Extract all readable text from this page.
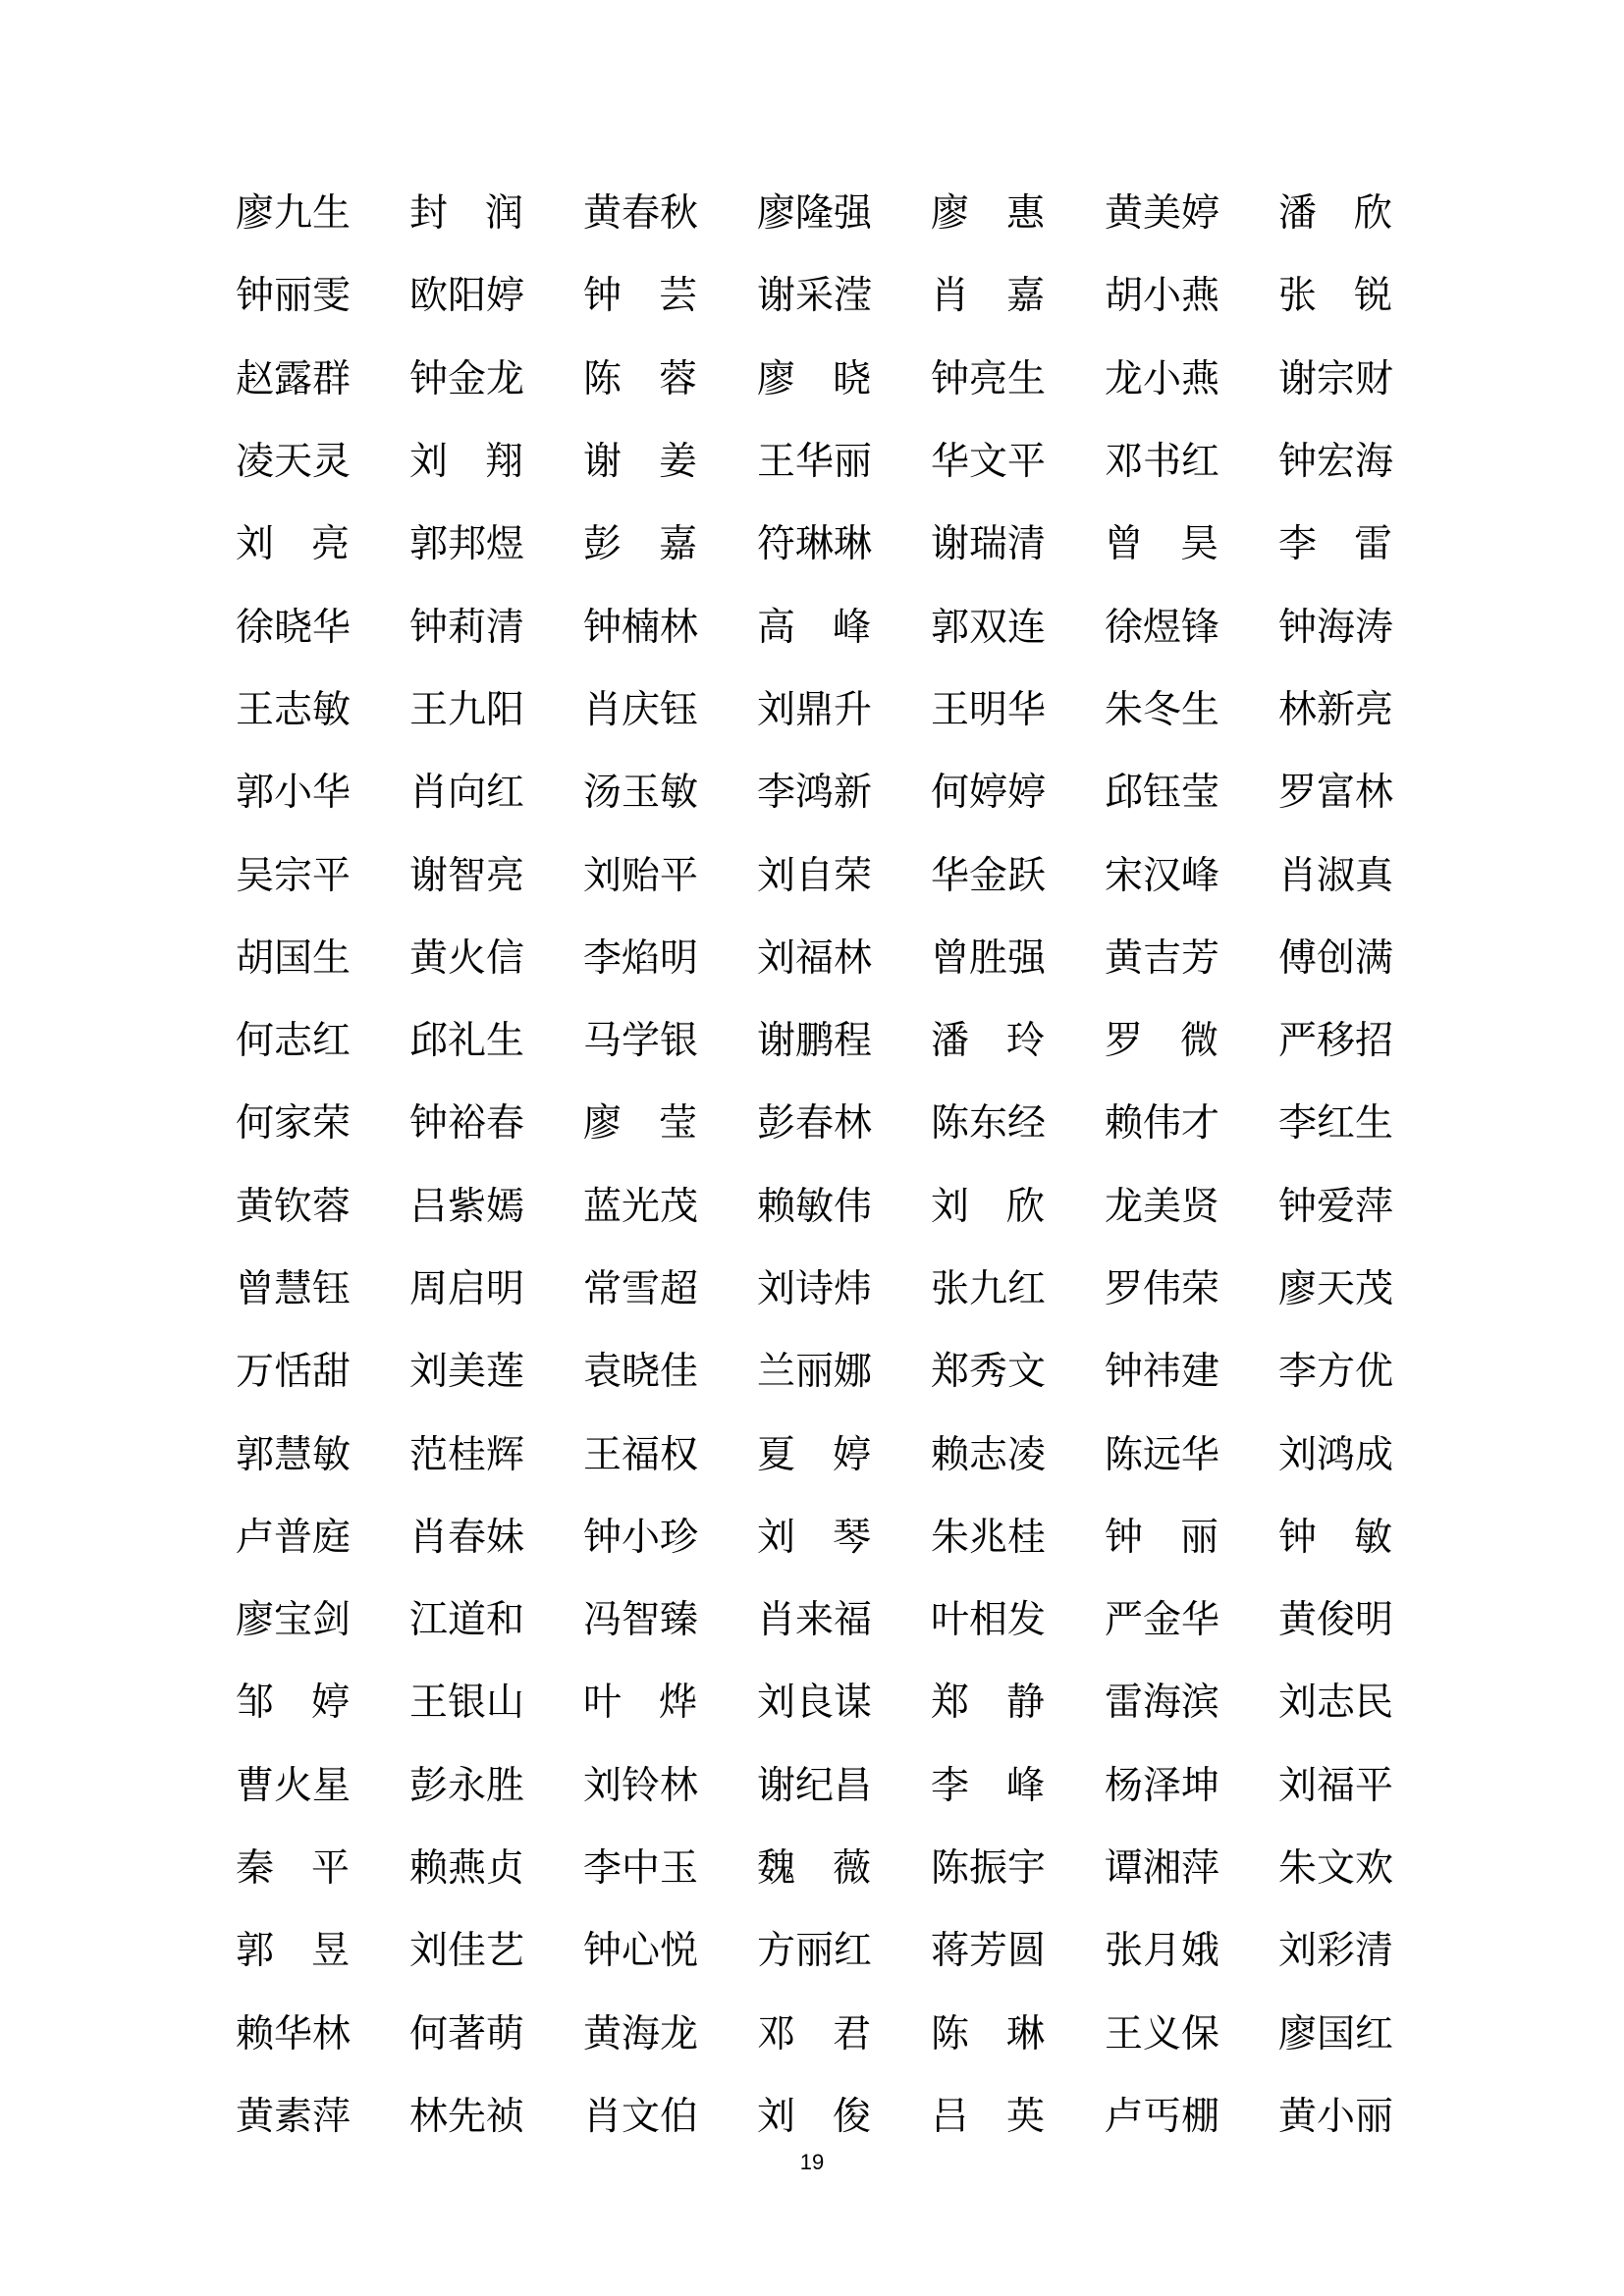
廖 九 生 封 润 黄 春 秋 廖 隆 强 廖 惠 黄 美 婷 潘 欣
钟 丽 雯 欧 阳 婷 钟 芸 谢 采 滢 肖 嘉 胡 小 燕 张 锐
赵 露 群 钟 金 龙 陈 蓉 廖 晓 钟 亮 生 龙 小 燕 谢 宗 财
凌 天 灵 刘 翔 谢 姜 王 华 丽 华 文 平 邓 书 红 钟 宏 海
刘 亮 郭 邦 煜 彭 嘉 符 琳 琳 谢 瑞 清 曾 昊 李 雷
徐 晓 华 钟 莉 清 钟 楠 林 高 峰 郭 双 连 徐 煜 锋 钟 海 涛
王 志 敏 王 九 阳 肖 庆 钰 刘 鼎 升 王 明 华 朱 冬 生 林 新 亮
郭 小 华 肖 向 红 汤 玉 敏 李 鸿 新 何 婷 婷 邱 钰 莹 罗 富 林
吴 宗 平 谢 智 亮 刘 贻 平 刘 自 荣 华 金 跃 宋 汉 峰 肖 淑 真
胡 国 生 黄 火 信 李 焰 明 刘 福 林 曾 胜 强 黄 吉 芳 傅 创 满
何 志 红 邱 礼 生 马 学 银 谢 鹏 程 潘 玲 罗 微 严 移 招
何 家 荣 钟 裕 春 廖 莹 彭 春 林 陈 东 经 赖 伟 才 李 红 生
黄 钦 蓉 吕 紫 嫣 蓝 光 茂 赖 敏 伟 刘 欣 龙 美 贤 钟 爱 萍
曾 慧 钰 周 启 明 常 雪 超 刘 诗 炜 张 九 红 罗 伟 荣 廖 天 茂
万 恬 甜 刘 美 莲 袁 晓 佳 兰 丽 娜 郑 秀 文 钟 祎 建 李 方 优
郭 慧 敏 范 桂 辉 王 福 权 夏 婷 赖 志 凌 陈 远 华 刘 鸿 成
卢 普 庭 肖 春 妹 钟 小 珍 刘 琴 朱 兆 桂 钟 丽 钟 敏
廖 宝 剑 江 道 和 冯 智 臻 肖 来 福 叶 相 发 严 金 华 黄 俊 明
邹 婷 王 银 山 叶 烨 刘 良 谋 郑 静 雷 海 滨 刘 志 民
曹 火 星 彭 永 胜 刘 铃 林 谢 纪 昌 李 峰 杨 泽 坤 刘 福 平
秦 平 赖 燕 贞 李 中 玉 魏 薇 陈 振 宇 谭 湘 萍 朱 文 欢
郭 昱 刘 佳 艺 钟 心 悦 方 丽 红 蒋 芳 圆 张 月 娥 刘 彩 清
赖 华 林 何 著 萌 黄 海 龙 邓 君 陈 琳 王 义 保 廖 国 红
黄 素 萍 林 先 祯 肖 文 伯 刘 俊 吕 英 卢 丐 棚 黄 小 丽
19
